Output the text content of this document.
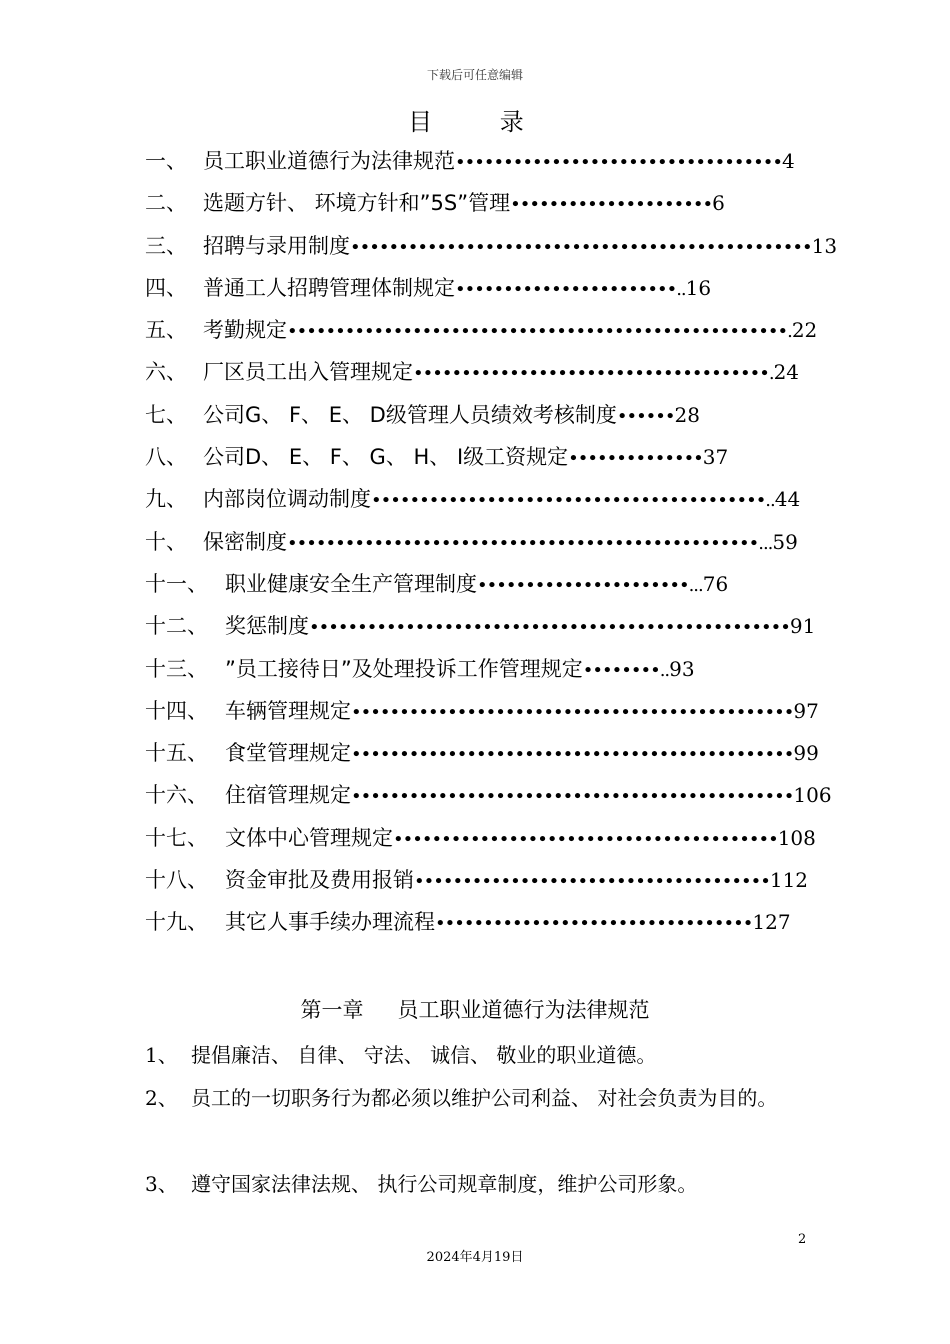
下载后可任意编辑
目 录
一、 员工职业道德行为法律规范••••••••••••••••••••••••••••••••••4
二、 选题方针、 环境方针和”5S”管理•••••••••••••••••••••6
三、 招聘与录用制度••••••••••••••••••••••••••••••••••••••••••••••••13
四、 普通工人招聘管理体制规定•••••••••••••••••••••••..16
五、 考勤规定••••••••••••••••••••••••••••••••••••••••••••••••••••.22
六、 厂区员工出入管理规定•••••••••••••••••••••••••••••••••••••.24
七、 公司G、 F、 E、 D级管理人员绩效考核制度••••••28
八、 公司D、 E、 F、 G、 H、 I级工资规定••••••••••••••37
九、 内部岗位调动制度•••••••••••••••••••••••••••••••••••••••••..44
十、 保密制度•••••••••••••••••••••••••••••••••••••••••••••••••...59
十一、 职业健康安全生产管理制度••••••••••••••••••••••...76
十二、 奖惩制度••••••••••••••••••••••••••••••••••••••••••••••••••91
十三、 ”员工接待日”及处理投诉工作管理规定••••••••..93
十四、 车辆管理规定••••••••••••••••••••••••••••••••••••••••••••••97
十五、 食堂管理规定••••••••••••••••••••••••••••••••••••••••••••••99
十六、 住宿管理规定••••••••••••••••••••••••••••••••••••••••••••••106
十七、 文体中心管理规定••••••••••••••••••••••••••••••••••••••••108
十八、 资金审批及费用报销•••••••••••••••••••••••••••••••••••••112
十九、 其它人事手续办理流程•••••••••••••••••••••••••••••••••127
第一章 员工职业道德行为法律规范
1、 提倡廉洁、 自律、 守法、 诚信、 敬业的职业道德。
2、 员工的一切职务行为都必须以维护公司利益、 对社会负责为目的。
3、 遵守国家法律法规、 执行公司规章制度，维护公司形象。
2
2024年4月19日
